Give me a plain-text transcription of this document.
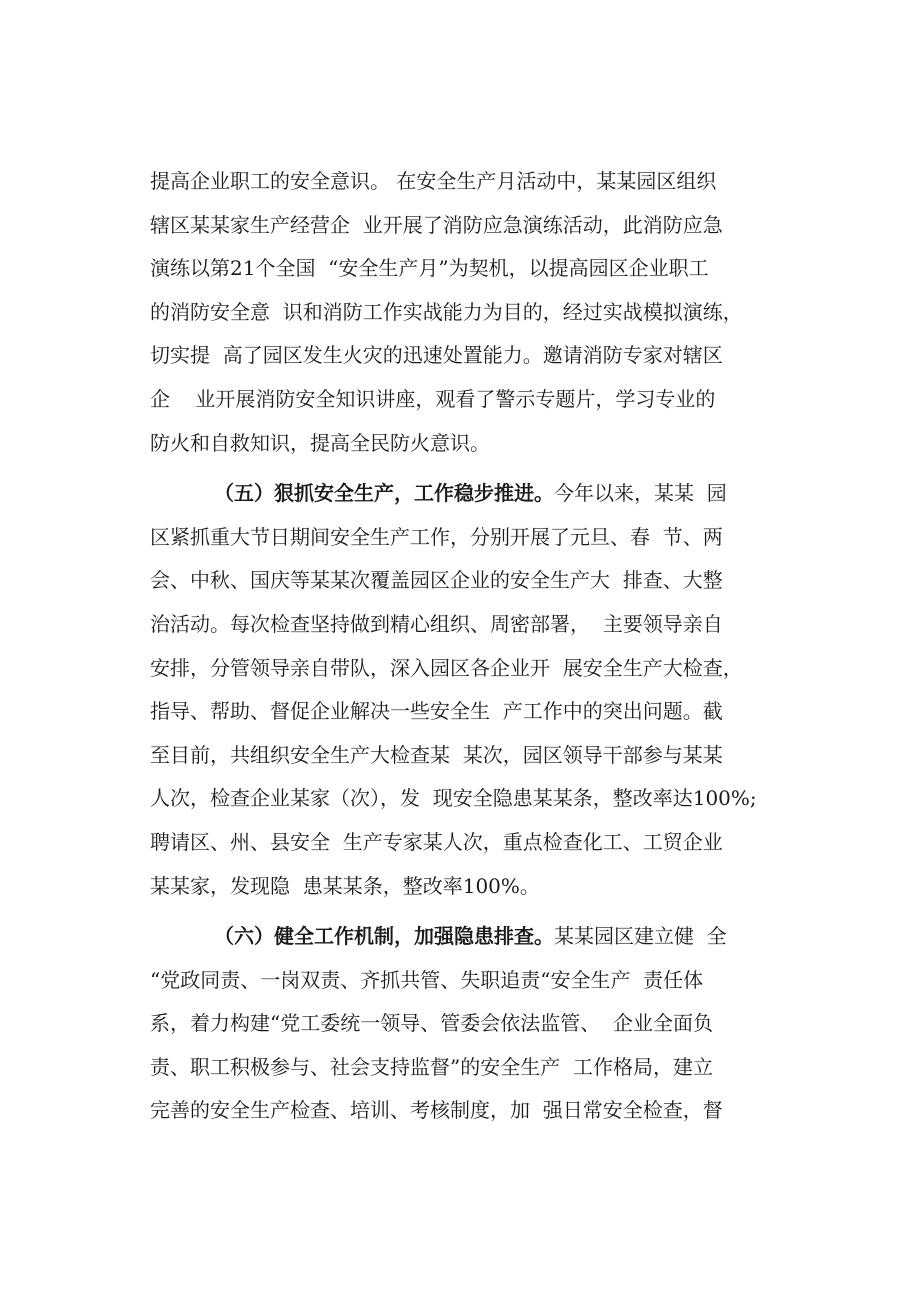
提高企业职工的安全意识。 在安全生产月活动中，某某园区组织
辖区某某家生产经营企  业开展了消防应急演练活动，此消防应急
演练以第21个全国  “安全生产月”为契机，以提高园区企业职工
的消防安全意  识和消防工作实战能力为目的，经过实战模拟演练，
切实提  高了园区发生火灾的迅速处置能力。邀请消防专家对辖区
企    业开展消防安全知识讲座，观看了警示专题片，学习专业的
防火和自救知识，提高全民防火意识。
（五）狠抓安全生产，工作稳步推进。今年以来，某某  园
区紧抓重大节日期间安全生产工作，分别开展了元旦、春  节、两
会、中秋、国庆等某某次覆盖园区企业的安全生产大  排查、大整
治活动。每次检查坚持做到精心组织、周密部署，  主要领导亲自
安排，分管领导亲自带队，深入园区各企业开  展安全生产大检查，
指导、帮助、督促企业解决一些安全生  产工作中的突出问题。截
至目前，共组织安全生产大检查某  某次，园区领导干部参与某某
人次，检查企业某家（次），发  现安全隐患某某条，整改率达100%;
聘请区、州、县安全  生产专家某人次，重点检查化工、工贸企业
某某家，发现隐  患某某条，整改率100%。
（六）健全工作机制，加强隐患排查。某某园区建立健  全
“党政同责、一岗双责、齐抓共管、失职追责“安全生产  责任体
系，着力构建“党工委统一领导、管委会依法监管、  企业全面负
责、职工积极参与、社会支持监督”的安全生产  工作格局，建立
完善的安全生产检查、培训、考核制度，加  强日常安全检查，督
